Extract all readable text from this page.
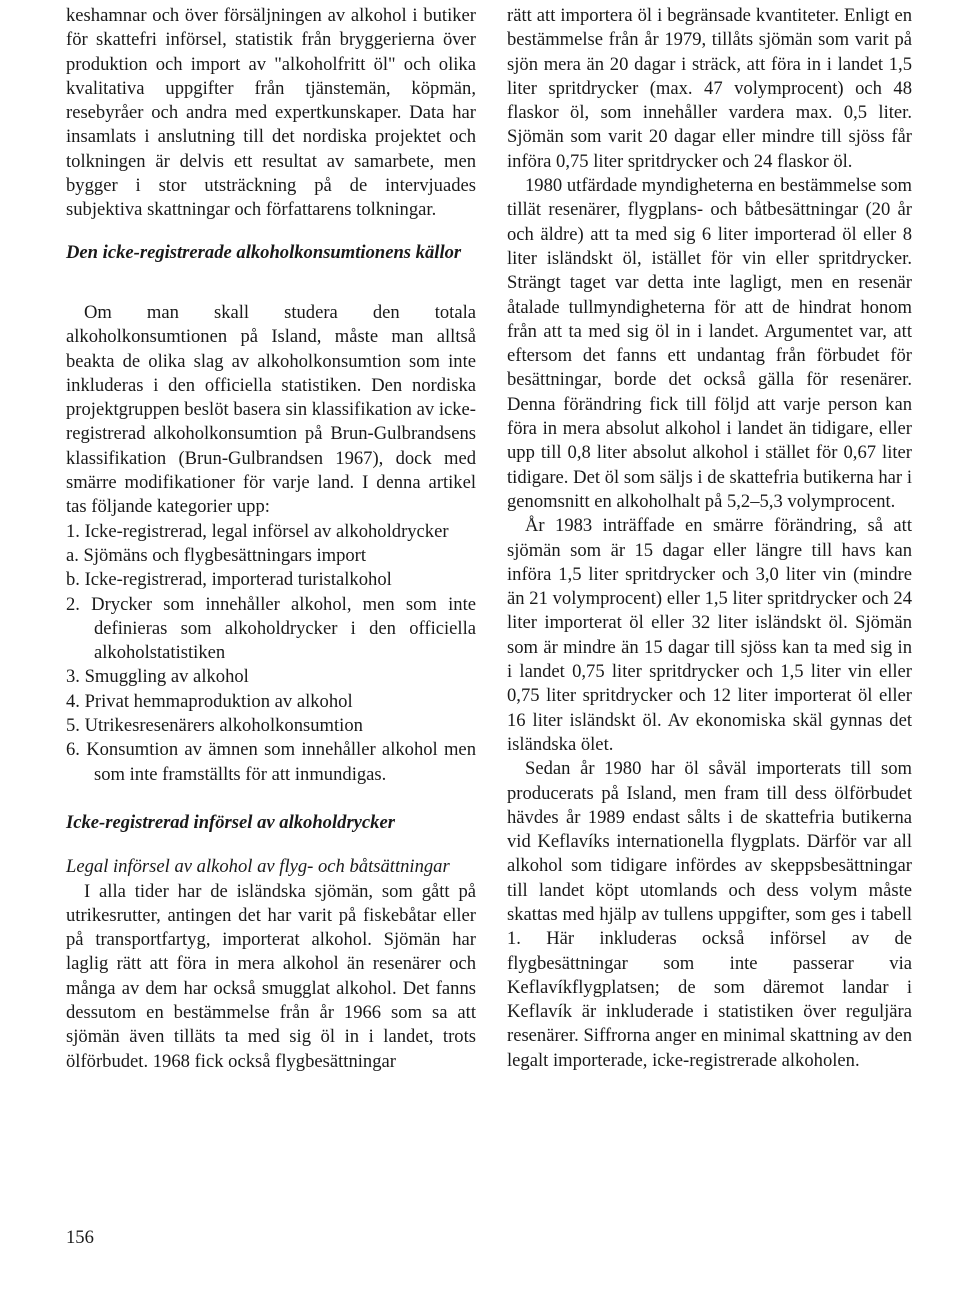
keshamnar och över försäljningen av alkohol i butiker för skattefri införsel, statistik från bryggerierna över produktion och import av "alkoholfritt öl" och olika kvalitativa uppgifter från tjänstemän, köpmän, resebyråer och andra med expertkunskaper. Data har insamlats i anslutning till det nordiska projektet och tolkningen är delvis ett resultat av samarbete, men bygger i stor utsträckning på de intervjuades subjektiva skattningar och författarens tolkningar.

Den icke-registrerade alkoholkonsumtionens källor

Om man skall studera den totala alkoholkonsumtionen på Island, måste man alltså beakta de olika slag av alkoholkonsumtion som inte inkluderas i den officiella statistiken. Den nordiska projektgruppen beslöt basera sin klassifikation av icke-registrerad alkoholkonsumtion på Brun-Gulbrandsens klassifikation (Brun-Gulbrandsen 1967), dock med smärre modifikationer för varje land. I denna artikel tas följande kategorier upp:

1. Icke-registrerad, legal införsel av alkoholdrycker
a. Sjömäns och flygbesättningars import
b. Icke-registrerad, importerad turistalkohol
2. Drycker som innehåller alkohol, men som inte definieras som alkoholdrycker i den officiella alkoholstatistiken
3. Smuggling av alkohol
4. Privat hemmaproduktion av alkohol
5. Utrikesresenärers alkoholkonsumtion
6. Konsumtion av ämnen som innehåller alkohol men som inte framställts för att inmundigas.
Icke-registrerad införsel av alkoholdrycker
Legal införsel av alkohol av flyg- och båtsättningar

I alla tider har de isländska sjömän, som gått på utrikesrutter, antingen det har varit på fiskebåtar eller på transportfartyg, importerat alkohol. Sjömän har laglig rätt att föra in mera alkohol än resenärer och många av dem har också smugglat alkohol. Det fanns dessutom en bestämmelse från år 1966 som sa att sjömän även tilläts ta med sig öl in i landet, trots ölförbudet. 1968 fick också flygbesättningar

rätt att importera öl i begränsade kvantiteter. Enligt en bestämmelse från år 1979, tillåts sjömän som varit på sjön mera än 20 dagar i sträck, att föra in i landet 1,5 liter spritdrycker (max. 47 volymprocent) och 48 flaskor öl, som innehåller vardera max. 0,5 liter. Sjömän som varit 20 dagar eller mindre till sjöss får införa 0,75 liter spritdrycker och 24 flaskor öl.

1980 utfärdade myndigheterna en bestämmelse som tillät resenärer, flygplans- och båtbesättningar (20 år och äldre) att ta med sig 6 liter importerad öl eller 8 liter isländskt öl, istället för vin eller spritdrycker. Strängt taget var detta inte lagligt, men en resenär åtalade tullmyndigheterna för att de hindrat honom från att ta med sig öl in i landet. Argumentet var, att eftersom det fanns ett undantag från förbudet för besättningar, borde det också gälla för resenärer. Denna förändring fick till följd att varje person kan föra in mera absolut alkohol i landet än tidigare, eller upp till 0,8 liter absolut alkohol i stället för 0,67 liter tidigare. Det öl som säljs i de skattefria butikerna har i genomsnitt en alkoholhalt på 5,2–5,3 volymprocent.

År 1983 inträffade en smärre förändring, så att sjömän som är 15 dagar eller längre till havs kan införa 1,5 liter spritdrycker och 3,0 liter vin (mindre än 21 volymprocent) eller 1,5 liter spritdrycker och 24 liter importerat öl eller 32 liter isländskt öl. Sjömän som är mindre än 15 dagar till sjöss kan ta med sig in i landet 0,75 liter spritdrycker och 1,5 liter vin eller 0,75 liter spritdrycker och 12 liter importerat öl eller 16 liter isländskt öl. Av ekonomiska skäl gynnas det isländska ölet.

Sedan år 1980 har öl såväl importerats till som producerats på Island, men fram till dess ölförbudet hävdes år 1989 endast sålts i de skattefria butikerna vid Keflavíks internationella flygplats. Därför var all alkohol som tidigare infördes av skeppsbesättningar till landet köpt utomlands och dess volym måste skattas med hjälp av tullens uppgifter, som ges i tabell 1. Här inkluderas också införsel av de flygbesättningar som inte passerar via Keflavíkflygplatsen; de som däremot landar i Keflavík är inkluderade i statistiken över reguljära resenärer. Siffrorna anger en minimal skattning av den legalt importerade, icke-registrerade alkoholen.

156
